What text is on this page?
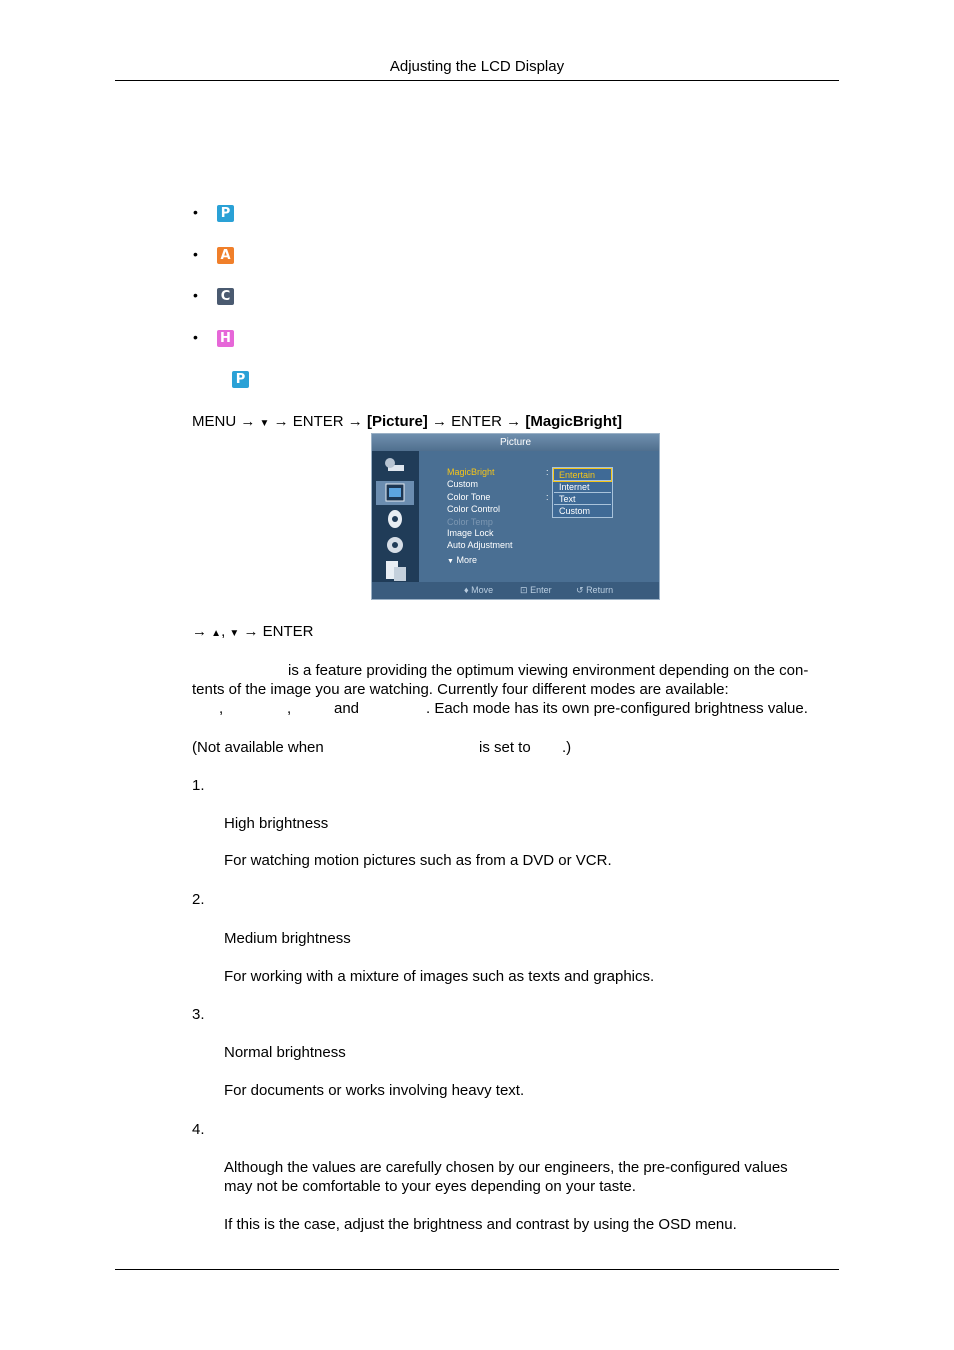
Adjusting the LCD Display
• P
• A
• C
• H
P
MENU → ▼ → ENTER → [Picture] → ENTER → [MagicBright]
Picture
MagicBright
Custom
Color Tone
Color Control
Color Temp
Image Lock
Auto Adjustment
▼ More
:
:
Entertain
Internet
Text
Custom
♦ Move	⊡ Enter	↺ Return
→ ▲, ▼ → ENTER
is a feature providing the optimum viewing environment depending on the con-
tents of the image you are watching. Currently four different modes are available:
,	,	and	. Each mode has its own pre-configured brightness value.
(Not available when	is set to .)
1.
High brightness
For watching motion pictures such as from a DVD or VCR.
2.
Medium brightness
For working with a mixture of images such as texts and graphics.
3.
Normal brightness
For documents or works involving heavy text.
4.
Although the values are carefully chosen by our engineers, the pre-configured values
may not be comfortable to your eyes depending on your taste.
If this is the case, adjust the brightness and contrast by using the OSD menu.
